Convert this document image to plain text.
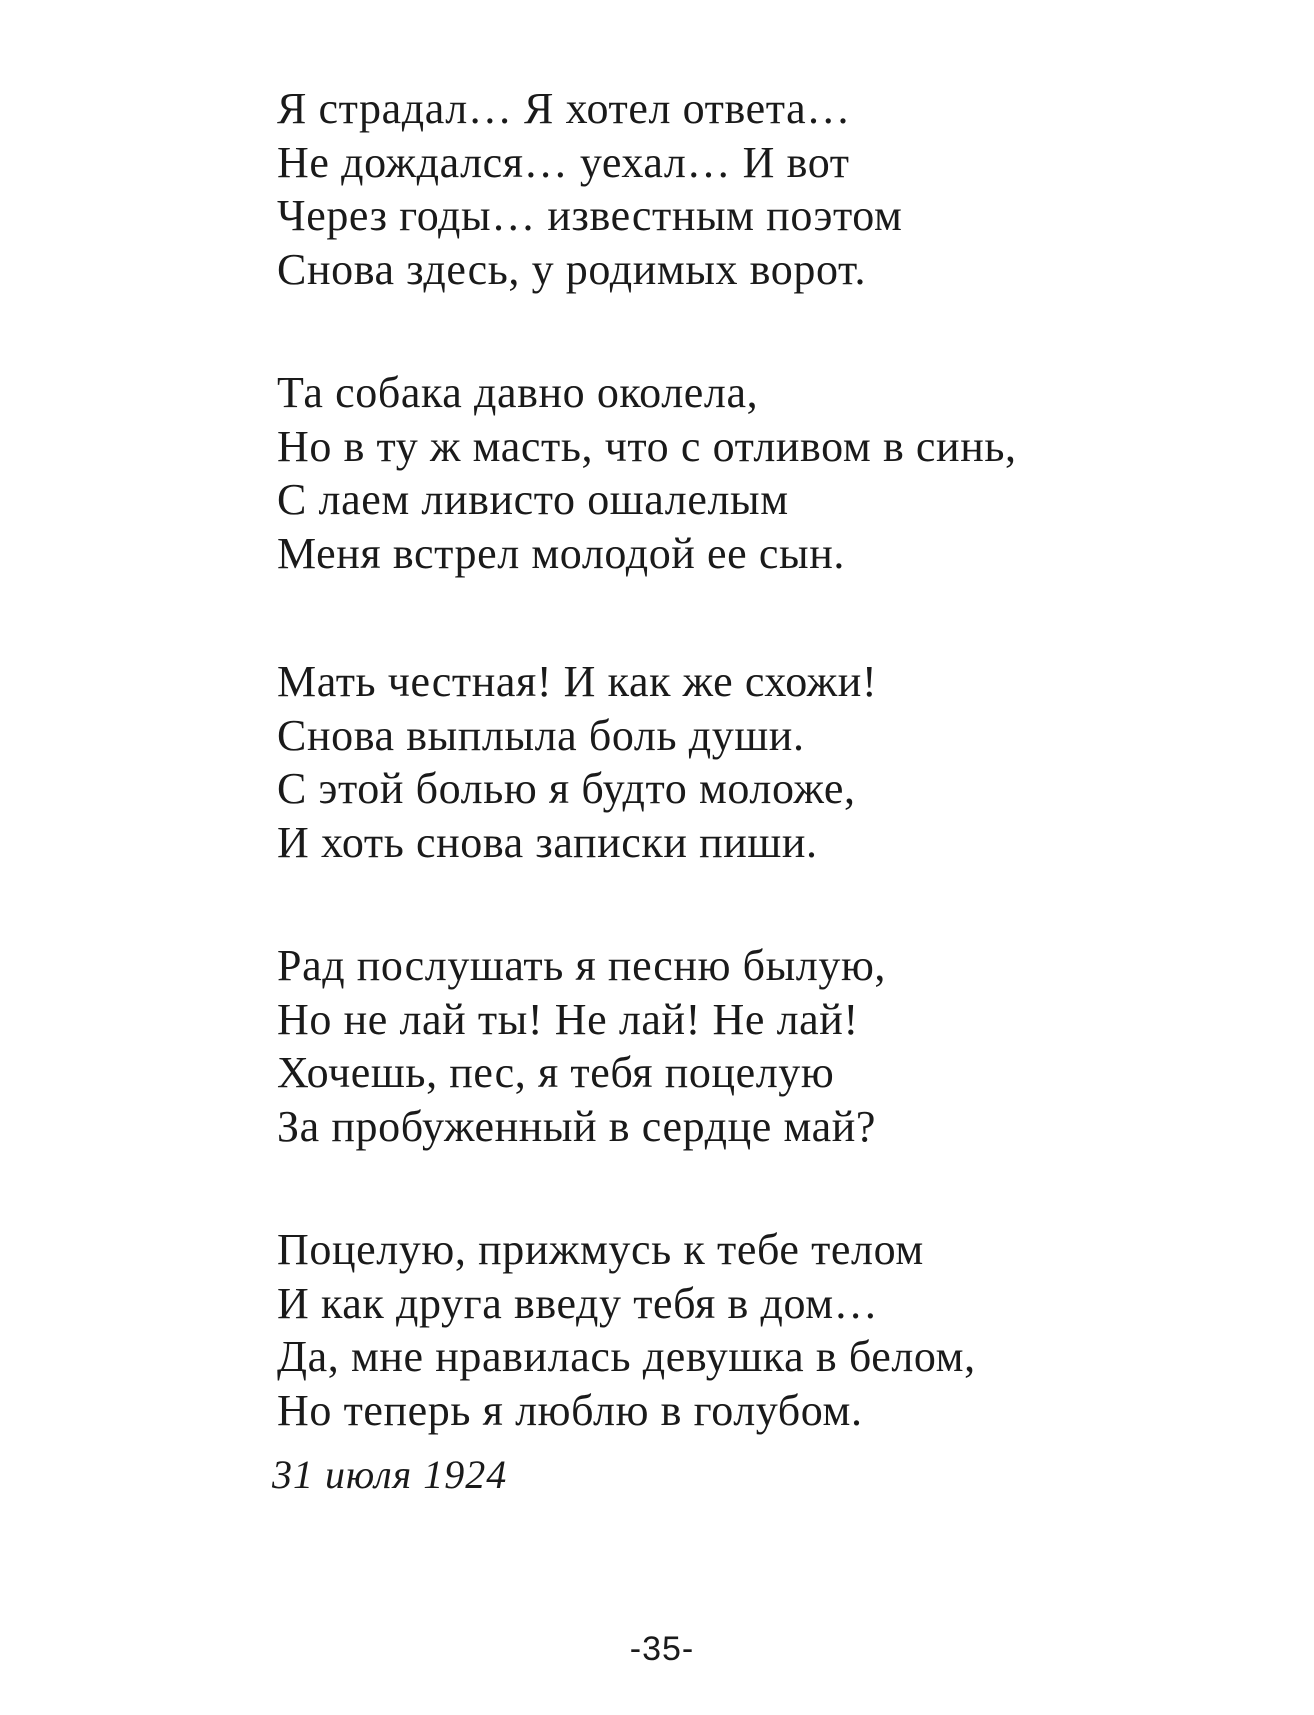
Я страдал… Я хотел ответа…
Не дождался… уехал… И вот
Через годы… известным поэтом
Снова здесь, у родимых ворот.
Та собака давно околела,
Но в ту ж масть, что с отливом в синь,
С лаем ливисто ошалелым
Меня встрел молодой ее сын.
Мать честная! И как же схожи!
Снова выплыла боль души.
С этой болью я будто моложе,
И хоть снова записки пиши.
Рад послушать я песню былую,
Но не лай ты! Не лай! Не лай!
Хочешь, пес, я тебя поцелую
За пробуженный в сердце май?
Поцелую, прижмусь к тебе телом
И как друга введу тебя в дом…
Да, мне нравилась девушка в белом,
Но теперь я люблю в голубом.
31 июля 1924
-35-
